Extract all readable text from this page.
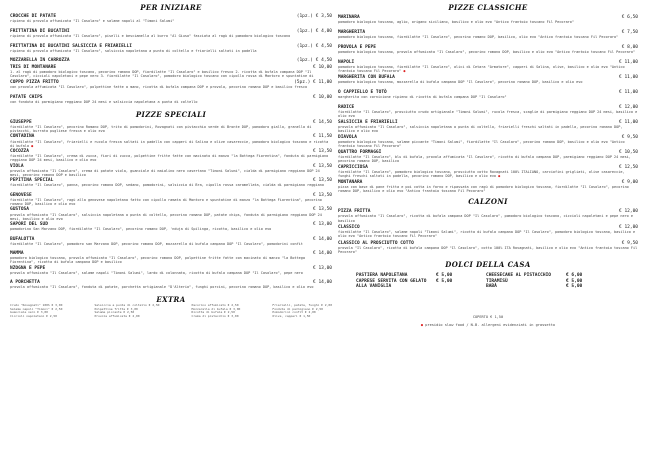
PER INIZIARE
CROCCHE DI PATATE	(1pz.) € 3,50
ripieno di provola affumicata "Il Casolaro" e salame napoli al "Timoni Salumi"
FRITTATINA DI BUCATINI	(1pz.) € 4,00
ripieno di provola affumicata "Il Casolaro", piselli e besciamella al burro "Al Giuso" fasciata al ragù di pomodoro biologico toscano
FRITTATINA DI BUCATINI SALSICCIA E FRIARIELLI	(1pz.) € 4,50
ripieno di provola affumicata "Il Casolaro", salsiccia napoletana a punta di coltello e friarielli saltati in padella
MOZZARELLA IN CARROZZA	(1pz.) € 4,50
TRIS DI MONTANARE	€ 10,00
1. al ragù di pomodoro biologico toscano, pecorino romano DOP, fiordilatte "Il Casolaro" e basilico fresco 2. ricotta di bufala campana DOP "Il Casolaro", ciccioli napoletani e pepe nero 3. fiordilatte "Il Casolaro", pomodoro biologico toscano con cipolla rossa di Montoro e spuntatine di
COPPO PIZZA FRITTO	(5pz.) € 11,00
con provola affumicata "Il Casolaro", polpettine fatte a mano, ricotta di bufala campana DOP e provola, pecorino romano DOP e basilico fresco
PATATE CHIPS	€ 10,00
con fonduta di parmigiano reggiano DOP 24 mesi e salsiccia napoletana a punta di coltello
PIZZE SPECIALI
GIUSEPPE	€ 14,50
fiordilatte "Il Casolaro", pecorino Romano DOP, trito di pomodorini, Rovagnati con pistacchio verde di Bronte DOP, pomodoro giallo, granella di pistacchi, burrata pugliese fresca e olio evo
CONTADINA	€ 11,50
fiordilatte "Il Casolaro", friarielli e rucola fresca saltati in padella con capperi di Salina e olive casareccie, pomodoro biologico toscano e ricotta di bufala ●
COCOZZA	€ 13,50
fiordilatte "Il Casolaro", crema di zucca, fiori di zucca, polpettine fritte fatte con macinato di manzo "la Bottega Fiorentina", fonduta di parmigiano reggiano DOP 24 mesi, basilico e olio evo
VIOLA	€ 13,50
provola affumicata "Il Casolaro", crema di patate viola, guanciale di maialino nero casertano "Timoni Salumi", cialda di parmigiano reggiano DOP 24 mesi, pecorino romano DOP e basilico
PEPITINA SPECIAL	€ 13,50
fiordilatte "Il Casolaro", panna, pecorino romano DOP, sedano, pomodorini, salsiccia di Bra, cipolla rossa caramellata, cialda di parmigiano reggiano
GENOVESE	€ 13,50
fiordilatte "Il Casolaro", ragù alla genovese napoletana fatto con cipolla ramata di Montoro e spuntatine di manzo "la Bottega Fiorentina", pecorino romano DOP, basilico e olio evo
GUSTOSA	€ 13,50
provola affumicata "Il Casolaro", salsiccia napoletana a punta di coltello, pecorino romano DOP, patate chips, fonduta di parmigiano reggiano DOP 24 mesi, basilico e olio evo
SAPORI DEL SUD	€ 13,00
pomodorino San Marzano DOP, fiordilatte "Il Casolaro", pecorino romano DOP, 'nduja di Spilinga, ricotta, basilico e olio evo
BUFALOTTA	€ 14,00
fiordilatte "Il Casolaro", pomodoro san Marzano DOP, pecorino romano DOP, mozzarella di bufala campana DOP "Il Casolaro", pomodorini confit
MAMMA	€ 14,00
pomodoro biologico toscano, provola affumicata "Il Casolaro", pecorino romano DOP, polpettine fritte fatte con macinato di manzo "la Bottega Fiorentina", ricotta di bufala campana DOP e basilico
NZOGNA E PEPE	€ 13,00
provola affumicata "Il Casolaro", salame napoli "Timoni Salumi", lardo di colonnata, ricotta di bufala campana DOP "Il Casolaro", pepe nero
A PORCHETTA	€ 14,00
provola affumicata "Il Casolaro", fonduta di patate, porchetta artigianale "D'Alterio", funghi porcini, pecorino romano DOP, basilico e olio evo
EXTRA
Crudo "Rovagnati" 100% € 3,00
Salame napoli "Timoni" € 2,50
Guanciale nero € 3,00
Ciccioli napoletani € 2,50
Salsiccia a punta di coltello € 2,50
Polpettine fritte € 3,00
Salame piccante € 2,50
Provola affumicata € 2,00
Pecorino affumicato € 2,50
Mozzarella di bufala € 3,00
Ricotta di bufala € 2,50
Crema di pistacchio € 3,00
Friarielli, patate, funghi € 2,00
Fonduta di parmigiano € 2,50
Pomodorini confit € 2,00
Olive, capperi € 1,50
PIZZE CLASSICHE
MARINARA	€ 6,50
pomodoro biologico toscano, aglio, origano siciliano, basilico e olio evo "Antico frantoio toscano Fil Pecoraro"
MARGHERITA	€ 7,50
pomodoro biologico toscano, fiordilatte "Il Casolaro", pecorino romano DOP, basilico, olio evo "Antico frantoio toscano Fil Pecoraro"
PROVOLA E PEPE	€ 8,00
pomodoro biologico toscano, provola affumicata "Il Casolaro", pecorino romano DOP, basilico e olio evo "Antico frantoio toscano Fil Pecoraro"
NAPOLI	€ 11,00
pomodoro biologico toscano, fiordilatte "Il Casolaro", alici di Cetara "Armatore", capperi di Salina, olive, basilico e olio evo "Antico frantoio toscano Fil Pecoraro" ●
MARGHERITA CON BUFALA	€ 11,00
pomodoro biologico toscano, mozzarella di bufala campana DOP "Il Casolaro", pecorino romano DOP, basilico e olio evo
O CAPPIELLO E TOTÒ	€ 11,00
margherita con cornicione ripieno di ricotta di bufala campana DOP "Il Casolaro"
RADICE	€ 12,00
fiordilatte "Il Casolaro", prosciutto crudo artigianale "Timoni Salumi", rucola fresca, scaglie di parmigiano reggiano DOP 24 mesi, basilico e olio evo
SALSICCIA E FRIARIELLI	€ 11,00
provola affumicata "Il Casolaro", salsiccia napoletana a punta di coltello, friarielli freschi saltati in padella, pecorino romano DOP, basilico e olio evo
DIAVOLA	€ 9,50
pomodoro biologico toscano, salame piccante "Timoni Salumi", fiordilatte "Il Casolaro", pecorino romano DOP, basilico e olio evo "Antico frantoio toscano Fil Pecoraro"
QUATTRO FORMAGGI	€ 10,50
fiordilatte "Il Casolaro", blu di bufala, provola affumicata "Il Casolaro", ricotta di bufala campana DOP, parmigiano reggiano DOP 24 mesi, pecorino romano DOP, basilico
CAPRICCIOSA	€ 12,50
fiordilatte "Il Casolaro", pomodoro biologico toscano, prosciutto cotto Rovagnati 100% ITALIANO, carciofini grigliati, olive casareccie, funghi freschi saltati in padella, pecorino romano DOP, basilico e olio evo ●
MONTANARA	€ 9,00
pizza con base di pane fritta e poi cotta in forno e ripassata con ragù di pomodoro biologico toscano, fiordilatte "Il Casolaro", pecorino romano DOP, basilico e olio evo "Antico frantoio toscano Fil Pecoraro"
CALZONI
PIZZA FRITTA	€ 12,00
provola affumicata "Il Casolaro", ricotta di bufala campana DOP "Il Casolaro", pomodoro biologico toscano, ciccioli napoletani e pepe nero e basilico
CLASSICO	€ 12,00
fiordilatte "Il Casolaro", salame napoli "Timoni Salumi", ricotta di bufala campana DOP "Il Casolaro", pomodoro biologico toscano, basilico e olio evo "Antico frantoio toscano Fil Pecoraro"
CLASSICO AL PROSCIUTTO COTTO	€ 9,50
provola "Il Casolaro", ricotta di bufala campana DOP "Il Casolaro", cotto 100% ITA Rovagnati, basilico e olio evo "Antico frantoio toscano Fil Pecoraro"
DOLCI DELLA CASA
PASTIERA NAPOLETANA	€ 5,00	CHEESECAKE AL PISTACCHIO	€ 6,00
CAPRESE SERVITA CON GELATO	€ 5,00	TIRAMISÙ	€ 5,00
ALLA VANIGLIA	BABÀ	€ 5,00
COPERTO € 1,50
● presidio slow food / N.B. allergeni evidenziati in grassetto
